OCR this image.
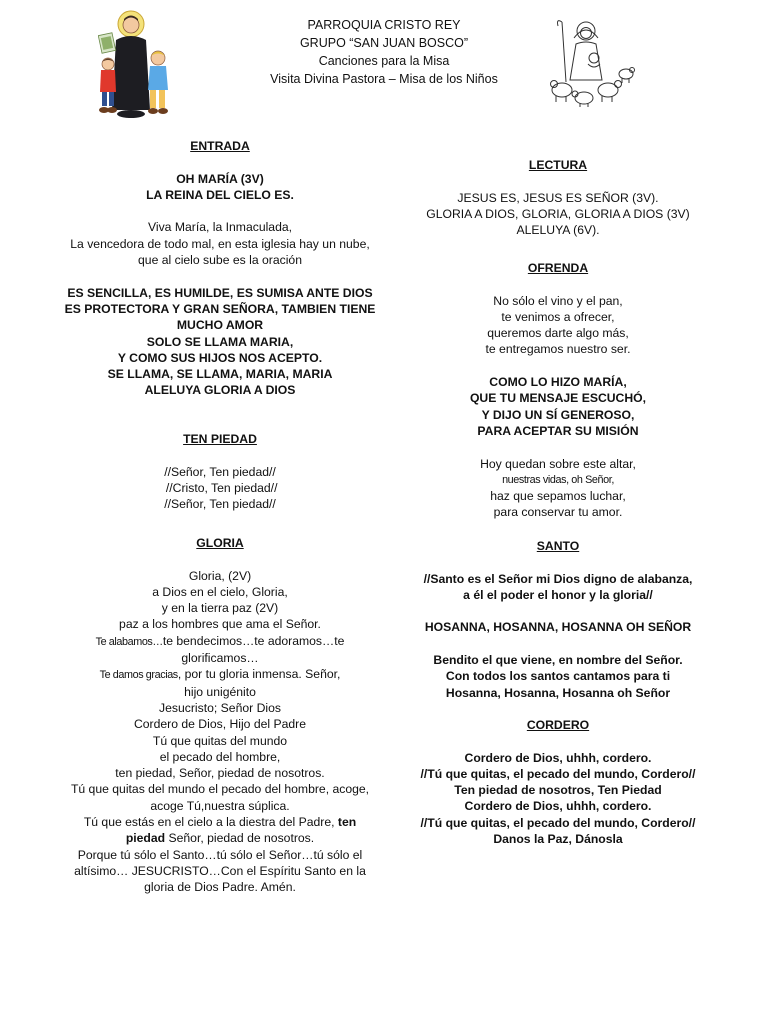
PARROQUIA CRISTO REY
GRUPO “SAN JUAN BOSCO”
Canciones para la Misa
Visita Divina Pastora – Misa de los Niños
ENTRADA
OH MARÍA (3V)
LA REINA DEL CIELO ES.
Viva María, la Inmaculada,
La vencedora de todo mal, en esta iglesia hay un nube,
que al cielo sube es la oración
ES SENCILLA, ES HUMILDE, ES SUMISA ANTE DIOS
ES PROTECTORA Y GRAN SEÑORA, TAMBIEN TIENE
MUCHO AMOR
SOLO SE LLAMA MARIA,
Y COMO SUS HIJOS NOS ACEPTO.
SE LLAMA, SE LLAMA, MARIA, MARIA
ALELUYA GLORIA A DIOS
TEN PIEDAD
//Señor, Ten piedad//
//Cristo, Ten piedad//
//Señor, Ten piedad//
GLORIA
Gloria, (2V)
a Dios en el cielo, Gloria,
y en la tierra paz (2V)
paz a los hombres que ama el Señor.
Te alabamos…te bendecimos…te adoramos…te
glorificamos…
Te damos gracias, por tu gloria inmensa. Señor,
hijo unigénito
Jesucristo; Señor Dios
Cordero de Dios, Hijo del Padre
Tú que quitas del mundo
el pecado del hombre,
ten piedad, Señor, piedad de nosotros.
Tú que quitas del mundo el pecado del hombre, acoge,
acoge Tú,nuestra súplica.
Tú que estás en el cielo a la diestra del Padre, ten
piedad Señor, piedad de nosotros.
Porque tú sólo el Santo…tú sólo el Señor…tú sólo el
altísimo… JESUCRISTO…Con el Espíritu Santo en la
gloria de Dios Padre. Amén.
LECTURA
JESUS ES, JESUS ES SEÑOR (3V).
GLORIA A DIOS, GLORIA, GLORIA A DIOS (3V)
ALELUYA (6V).
OFRENDA
No sólo el vino y el pan,
te venimos a ofrecer,
queremos darte algo más,
te entregamos nuestro ser.
COMO LO HIZO MARÍA,
QUE TU MENSAJE ESCUCHÓ,
Y DIJO UN SÍ GENEROSO,
PARA ACEPTAR SU MISIÓN
Hoy quedan sobre este altar,
nuestras vidas, oh Señor,
haz que sepamos luchar,
para conservar tu amor.
SANTO
//Santo es el Señor mi Dios digno de alabanza,
a él el poder el honor y la gloria//
HOSANNA, HOSANNA, HOSANNA OH SEÑOR
Bendito el que viene, en nombre del Señor.
Con todos los santos cantamos para ti
Hosanna, Hosanna, Hosanna oh Señor
CORDERO
Cordero de Dios, uhhh, cordero.
//Tú que quitas, el pecado del mundo, Cordero//
Ten piedad de nosotros, Ten Piedad
Cordero de Dios, uhhh, cordero.
//Tú que quitas, el pecado del mundo, Cordero//
Danos la Paz, Dánosla
